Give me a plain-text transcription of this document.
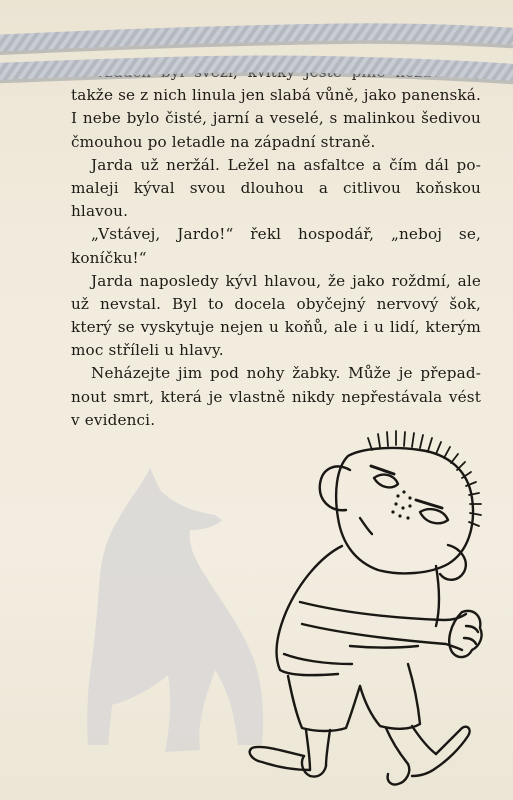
… vzduch byl svěží, kvítky ještě plně nezavřené,
takže se z nich linula jen slabá vůně, jako panenská.
I nebe bylo čisté, jarní a veselé, s malinkou šedivou
čmouhou po letadle na západní straně.
Jarda už neržál. Ležel na asfaltce a čím dál po-
maleji kýval svou dlouhou a citlivou koňskou
hlavou.
„Vstávej, Jardo!“ řekl hospodář, „neboj se,
koníčku!“
Jarda naposledy kývl hlavou, že jako roždmí, ale
už nevstal. Byl to docela obyčejný nervový šok,
který se vyskytuje nejen u koňů, ale i u lidí, kterým
moc stříleli u hlavy.
Neházejte jim pod nohy žabky. Může je přepad-
nout smrt, která je vlastně nikdy nepřestávala vést
v evidenci.
